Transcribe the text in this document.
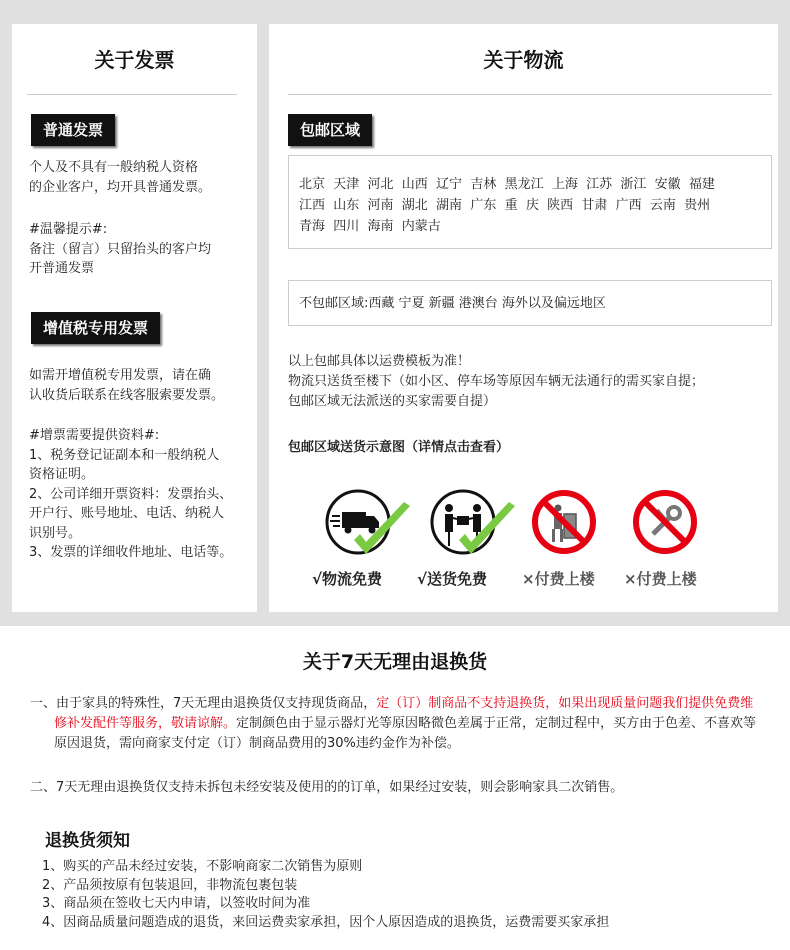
关于发票
普通发票
个人及不具有一般纳税人资格
的企业客户，均开具普通发票。
#温馨提示#:
备注（留言）只留抬头的客户均
开普通发票
增值税专用发票
如需开增值税专用发票，请在确
认收货后联系在线客服索要发票。
#增票需要提供资料#:
1、税务登记证副本和一般纳税人
资格证明。
2、公司详细开票资料：发票抬头、
开户行、账号地址、电话、纳税人
识别号。
3、发票的详细收件地址、电话等。
关于物流
包邮区域
北京  天津  河北  山西  辽宁  吉林  黑龙江  上海  江苏  浙江  安徽  福建
江西  山东  河南  湖北  湖南  广东  重  庆  陕西  甘肃  广西  云南  贵州
青海  四川  海南  内蒙古
不包邮区域:西藏 宁夏 新疆 港澳台 海外以及偏远地区
以上包邮具体以运费模板为准！
物流只送货至楼下（如小区、停车场等原因车辆无法通行的需买家自提；
包邮区域无法派送的买家需要自提）
包邮区域送货示意图（详情点击查看）
√物流免费 √送货免费 ×付费上楼 ×付费上楼
关于7天无理由退换货
一、由于家具的特殊性，7天无理由退换货仅支持现货商品，定（订）制商品不支持退换货，如果出现质量问题我们提供免费维修补发配件等服务，敬请谅解。定制颜色由于显示器灯光等原因略微色差属于正常，定制过程中，买方由于色差、不喜欢等原因退货，需向商家支付定（订）制商品费用的30%违约金作为补偿。
二、7天无理由退换货仅支持未拆包未经安装及使用的的订单，如果经过安装，则会影响家具二次销售。
退换货须知
1、购买的产品未经过安装，不影响商家二次销售为原则
2、产品须按原有包装退回，非物流包裹包装
3、商品须在签收七天内申请，以签收时间为准
4、因商品质量问题造成的退货，来回运费卖家承担，因个人原因造成的退换货，运费需要买家承担
